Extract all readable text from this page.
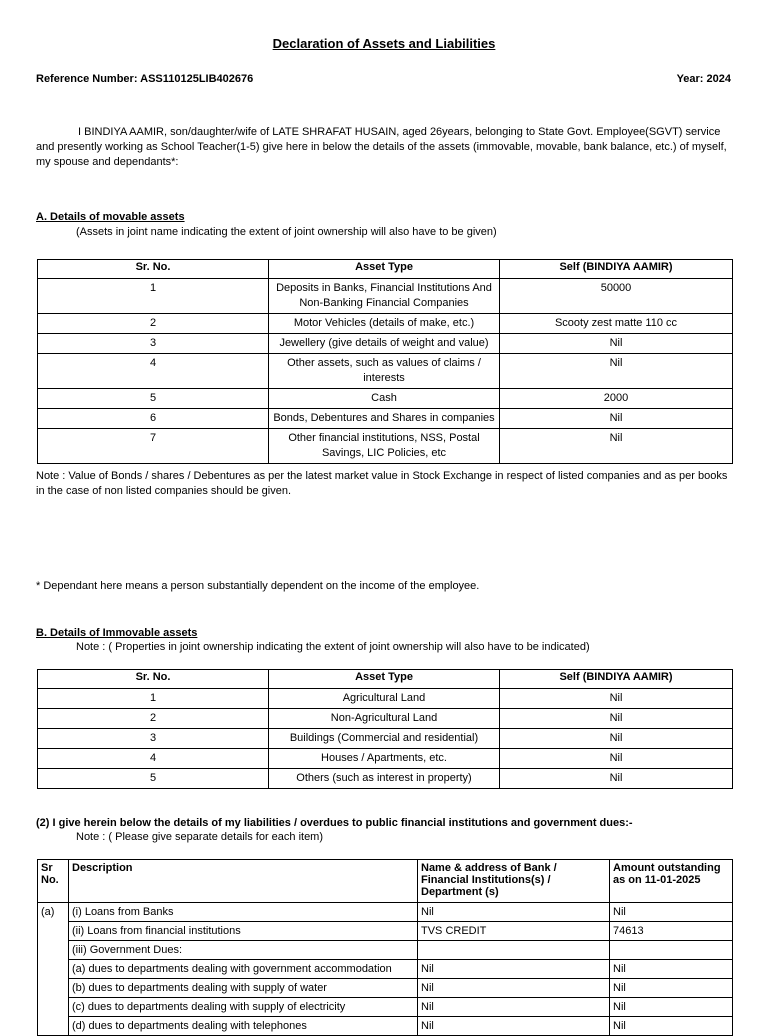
Declaration of Assets and Liabilities
Reference Number: ASS110125LIB402676	Year: 2024
I BINDIYA AAMIR, son/daughter/wife of LATE SHRAFAT HUSAIN, aged 26years, belonging to State Govt. Employee(SGVT) service and presently working as School Teacher(1-5) give here in below the details of the assets (immovable, movable, bank balance, etc.) of myself, my spouse and dependants*:
A. Details of movable assets
(Assets in joint name indicating the extent of joint ownership will also have to be given)
Sr. No.	Asset Type	Self (BINDIYA AAMIR)
1	Deposits in Banks, Financial Institutions And Non-Banking Financial Companies	50000
2	Motor Vehicles (details of make, etc.)	Scooty zest matte 110 cc
3	Jewellery (give details of weight and value)	Nil
4	Other assets, such as values of claims / interests	Nil
5	Cash	2000
6	Bonds, Debentures and Shares in companies	Nil
7	Other financial institutions, NSS, Postal Savings, LIC Policies, etc	Nil
Note : Value of Bonds / shares / Debentures as per the latest market value in Stock Exchange in respect of listed companies and as per books in the case of non listed companies should be given.
* Dependant here means a person substantially dependent on the income of the employee.
B. Details of Immovable assets
Note : ( Properties in joint ownership indicating the extent of joint ownership will also have to be indicated)
Sr. No.	Asset Type	Self (BINDIYA AAMIR)
1	Agricultural Land	Nil
2	Non-Agricultural Land	Nil
3	Buildings (Commercial and residential)	Nil
4	Houses / Apartments, etc.	Nil
5	Others (such as interest in property)	Nil
(2) I give herein below the details of my liabilities / overdues to public financial institutions and government dues:-
Note : ( Please give separate details for each item)
Sr No.	Description	Name & address of Bank / Financial Institutions(s) / Department (s)	Amount outstanding as on 11-01-2025
(a)	(i) Loans from Banks	Nil	Nil
	(ii) Loans from financial institutions	TVS CREDIT	74613
	(iii) Government Dues:		
	(a) dues to departments dealing with government accommodation	Nil	Nil
	(b) dues to departments dealing with supply of water	Nil	Nil
	(c) dues to departments dealing with supply of electricity	Nil	Nil
	(d) dues to departments dealing with telephones	Nil	Nil
